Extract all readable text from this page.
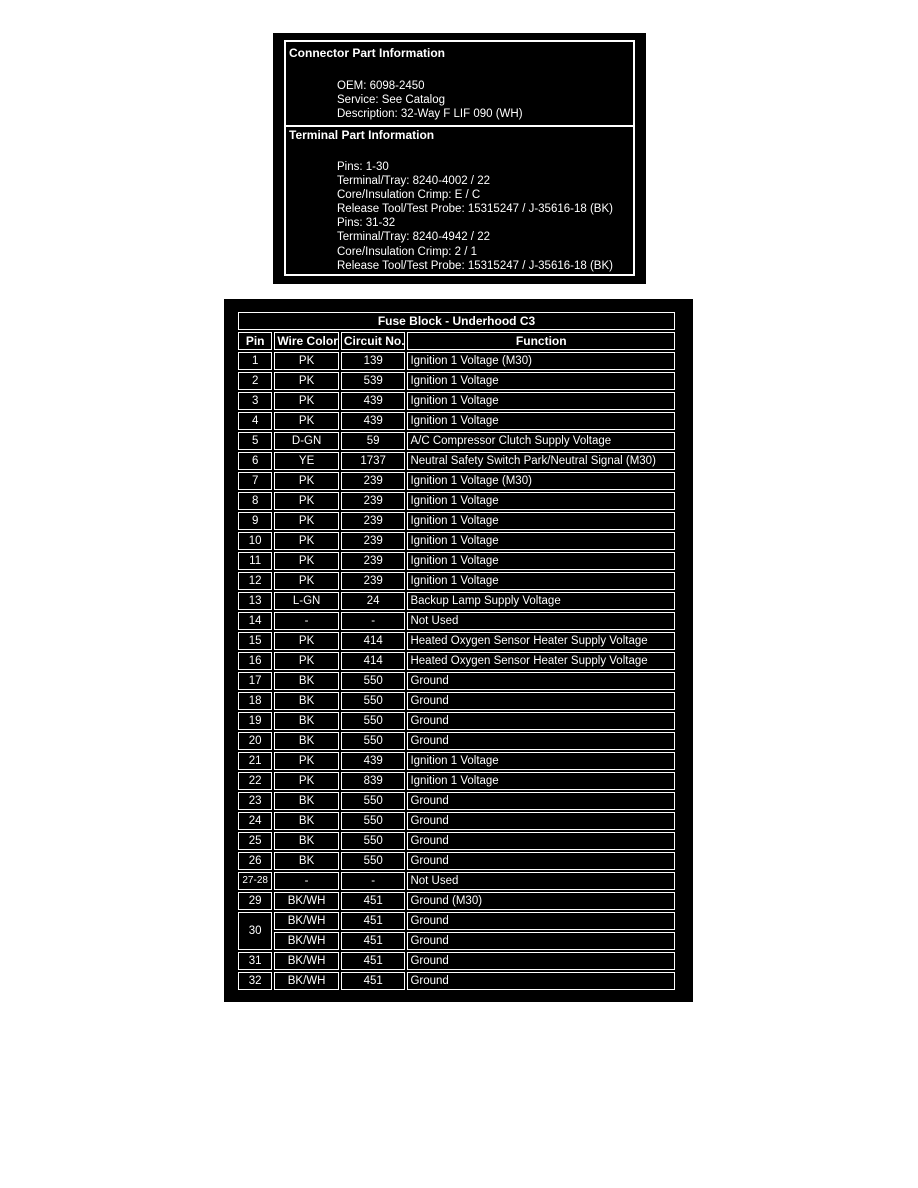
Connector Part Information
OEM: 6098-2450
Service: See Catalog
Description: 32-Way F LIF 090 (WH)
Terminal Part Information
Pins: 1-30
Terminal/Tray: 8240-4002 / 22
Core/Insulation Crimp: E / C
Release Tool/Test Probe: 15315247 / J-35616-18 (BK)
Pins: 31-32
Terminal/Tray: 8240-4942 / 22
Core/Insulation Crimp: 2 / 1
Release Tool/Test Probe: 15315247 / J-35616-18 (BK)
Fuse Block - Underhood C3			
Pin	Wire Color	Circuit No.	Function
1	PK	139	Ignition 1 Voltage (M30)
2	PK	539	Ignition 1 Voltage
3	PK	439	Ignition 1 Voltage
4	PK	439	Ignition 1 Voltage
5	D-GN	59	A/C Compressor Clutch Supply Voltage
6	YE	1737	Neutral Safety Switch Park/Neutral Signal (M30)
7	PK	239	Ignition 1 Voltage (M30)
8	PK	239	Ignition 1 Voltage
9	PK	239	Ignition 1 Voltage
10	PK	239	Ignition 1 Voltage
11	PK	239	Ignition 1 Voltage
12	PK	239	Ignition 1 Voltage
13	L-GN	24	Backup Lamp Supply Voltage
14	-	-	Not Used
15	PK	414	Heated Oxygen Sensor Heater Supply Voltage
16	PK	414	Heated Oxygen Sensor Heater Supply Voltage
17	BK	550	Ground
18	BK	550	Ground
19	BK	550	Ground
20	BK	550	Ground
21	PK	439	Ignition 1 Voltage
22	PK	839	Ignition 1 Voltage
23	BK	550	Ground
24	BK	550	Ground
25	BK	550	Ground
26	BK	550	Ground
27-28	-	-	Not Used
29	BK/WH	451	Ground (M30)
30	BK/WH	451	Ground
	BK/WH	451	Ground
31	BK/WH	451	Ground
32	BK/WH	451	Ground
